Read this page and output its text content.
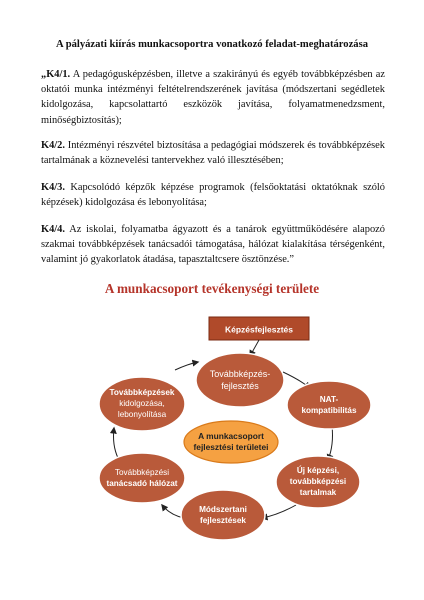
A pályázati kiírás munkacsoportra vonatkozó feladat-meghatározása
„K4/1. A pedagógusképzésben, illetve a szakirányú és egyéb továbbképzésben az oktatói munka intézményi feltételrendszerének javítása (módszertani segédletek kidolgozása, kapcsolattartó eszközök javítása, folyamatmenedzsment, minőségbiztosítás);
K4/2. Intézményi részvétel biztosítása a pedagógiai módszerek és továbbképzések tartalmának a köznevelési tantervekhez való illesztésében;
K4/3. Kapcsolódó képzők képzése programok (felsőoktatási oktatóknak szóló képzések) kidolgozása és lebonyolítása;
K4/4. Az iskolai, folyamatba ágyazott és a tanárok együttműködésére alapozó szakmai továbbképzések tanácsadói támogatása, hálózat kialakítása térségenként, valamint jó gyakorlatok átadása, tapasztaltcsere ösztönzése.”
A munkacsoport tevékenységi területe
Képzésfejlesztés
Továbbképzés-
fejlesztés
NAT-
kompatibilitás
Új képzési,
továbbképzési
tartalmak
Módszertani
fejlesztések
Továbbképzési
tanácsadó hálózat
Továbbképzések
kidolgozása,
lebonyolítása
A munkacsoport
fejlesztési területei
